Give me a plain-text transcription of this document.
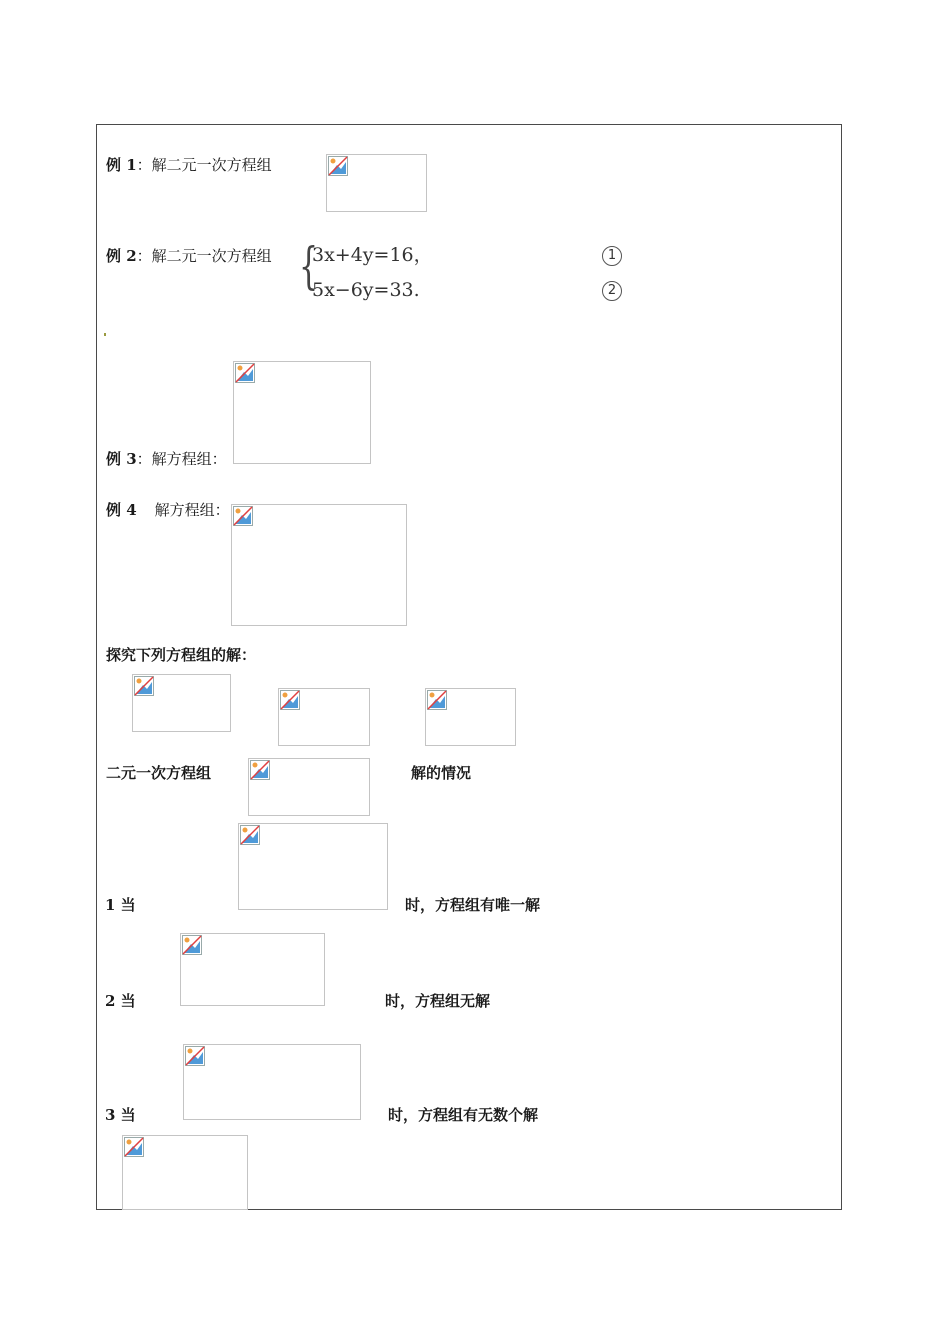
例 1：解二元一次方程组
例 2：解二元一次方程组 {
3x+4y=16，
5x−6y=33.
1
2
例 3：解方程组：
例 4 解方程组：
探究下列方程组的解：
二元一次方程组	解的情况
1 当	时，方程组有唯一解
2 当	时，方程组无解
3 当	时，方程组有无数个解
